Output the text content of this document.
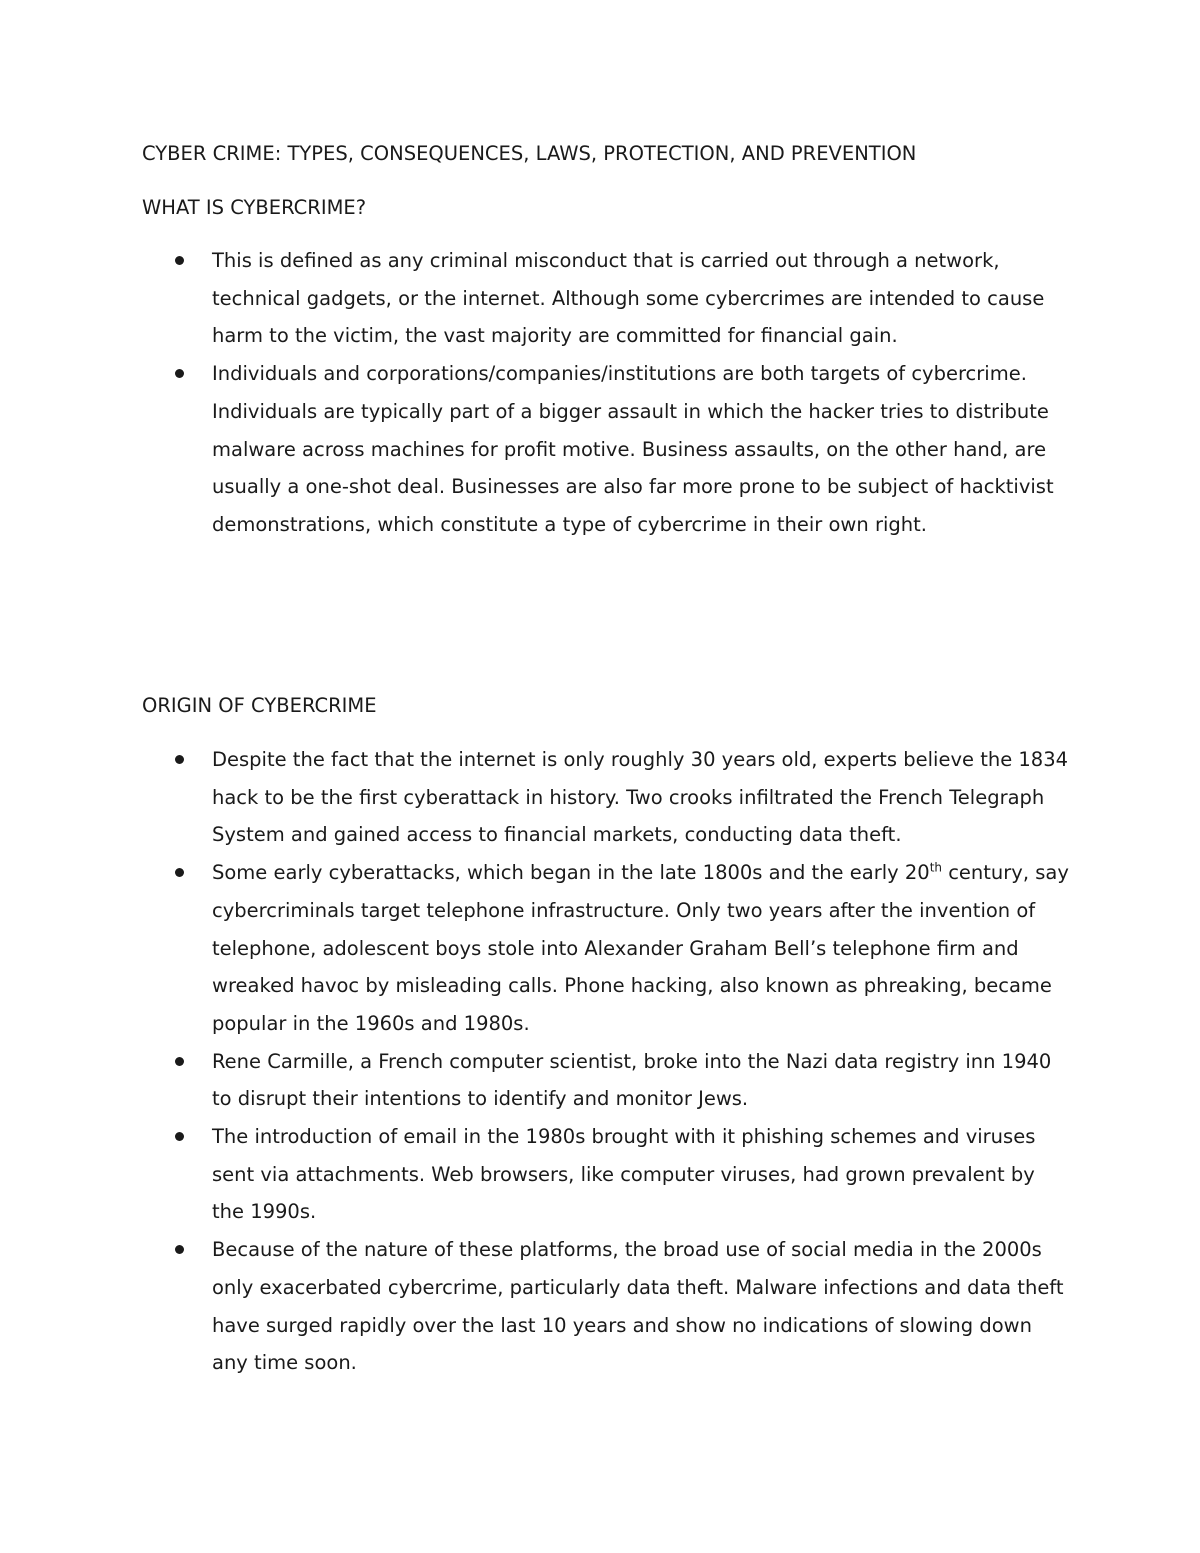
CYBER CRIME: TYPES, CONSEQUENCES, LAWS, PROTECTION, AND PREVENTION
WHAT IS CYBERCRIME?
This is defined as any criminal misconduct that is carried out through a network, technical gadgets, or the internet. Although some cybercrimes are intended to cause harm to the victim, the vast majority are committed for financial gain.
Individuals and corporations/companies/institutions are both targets of cybercrime. Individuals are typically part of a bigger assault in which the hacker tries to distribute malware across machines for profit motive. Business assaults, on the other hand, are usually a one-shot deal. Businesses are also far more prone to be subject of hacktivist demonstrations, which constitute a type of cybercrime in their own right.
ORIGIN OF CYBERCRIME
Despite the fact that the internet is only roughly 30 years old, experts believe the 1834 hack to be the first cyberattack in history. Two crooks infiltrated the French Telegraph System and gained access to financial markets, conducting data theft.
Some early cyberattacks, which began in the late 1800s and the early 20th century, say cybercriminals target telephone infrastructure. Only two years after the invention of telephone, adolescent boys stole into Alexander Graham Bell’s telephone firm and wreaked havoc by misleading calls. Phone hacking, also known as phreaking, became popular in the 1960s and 1980s.
Rene Carmille, a French computer scientist, broke into the Nazi data registry inn 1940 to disrupt their intentions to identify and monitor Jews.
The introduction of email in the 1980s brought with it phishing schemes and viruses sent via attachments. Web browsers, like computer viruses, had grown prevalent by the 1990s.
Because of the nature of these platforms, the broad use of social media in the 2000s only exacerbated cybercrime, particularly data theft. Malware infections and data theft have surged rapidly over the last 10 years and show no indications of slowing down any time soon.
